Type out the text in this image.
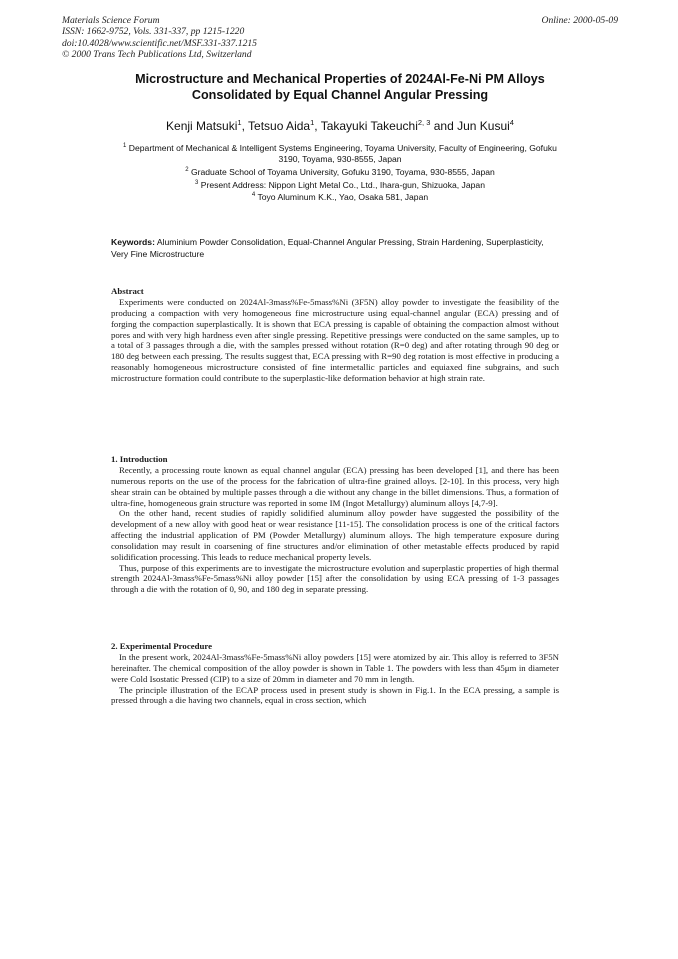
Materials Science Forum
ISSN: 1662-9752, Vols. 331-337, pp 1215-1220
doi:10.4028/www.scientific.net/MSF.331-337.1215
© 2000 Trans Tech Publications Ltd, Switzerland
Online: 2000-05-09
Microstructure and Mechanical Properties of 2024Al-Fe-Ni PM Alloys
Consolidated by Equal Channel Angular Pressing
Kenji Matsuki$^1$, Tetsuo Aida$^1$, Takayuki Takeuchi$^{2, 3}$ and Jun Kusui$^4$
$^1$ Department of Mechanical & Intelligent Systems Engineering, Toyama University, Faculty of Engineering, Gofuku 3190, Toyama, 930-8555, Japan
$^2$ Graduate School of Toyama University, Gofuku 3190, Toyama, 930-8555, Japan
$^3$ Present Address: Nippon Light Metal Co., Ltd., Ihara-gun, Shizuoka, Japan
$^4$ Toyo Aluminum K.K., Yao, Osaka 581, Japan
Keywords: Aluminium Powder Consolidation, Equal-Channel Angular Pressing, Strain Hardening, Superplasticity, Very Fine Microstructure
Abstract

Experiments were conducted on 2024Al-3mass%Fe-5mass%Ni (3F5N) alloy powder to investigate the feasibility of the producing a compaction with very homogeneous fine microstructure using equal-channel angular (ECA) pressing and of forging the compaction superplastically. It is shown that ECA pressing is capable of obtaining the compaction almost without pores and with very high hardness even after single pressing. Repetitive pressings were conducted on the same samples, up to a total of 3 passages through a die, with the samples pressed without rotation (R=0 deg) and after rotating through 90 deg or 180 deg between each pressing. The results suggest that, ECA pressing with R=90 deg rotation is most effective in producing a reasonably homogeneous microstructure consisted of fine intermetallic particles and equiaxed fine subgrains, and such microstructure formation could contribute to the superplastic-like deformation behavior at high strain rate.

1. Introduction

Recently, a processing route known as equal channel angular (ECA) pressing has been developed [1], and there has been numerous reports on the use of the process for the fabrication of ultra-fine grained alloys. [2-10]. In this process, very high shear strain can be obtained by multiple passes through a die without any change in the billet dimensions. Thus, a formation of ultra-fine, homogeneous grain structure was reported in some IM (Ingot Metallurgy) aluminum alloys [4,7-9].

On the other hand, recent studies of rapidly solidified aluminum alloy powder have suggested the possibility of the development of a new alloy with good heat or wear resistance [11-15]. The consolidation process is one of the critical factors affecting the industrial application of PM (Powder Metallurgy) aluminum alloys. The high temperature exposure during consolidation may result in coarsening of fine structures and/or elimination of other metastable effects produced by rapid solidification processing. This leads to reduce mechanical property levels.

Thus, purpose of this experiments are to investigate the microstructure evolution and superplastic properties of high thermal strength 2024Al-3mass%Fe-5mass%Ni alloy powder [15] after the consolidation by using ECA pressing of 1-3 passages through a die with the rotation of 0, 90, and 180 deg in separate pressing.

2. Experimental Procedure

In the present work, 2024Al-3mass%Fe-5mass%Ni alloy powders [15] were atomized by air. This alloy is referred to 3F5N hereinafter. The chemical composition of the alloy powder is shown in Table 1. The powders with less than 45μm in diameter were Cold Isostatic Pressed (CIP) to a size of 20mm in diameter and 70 mm in length.

The principle illustration of the ECAP process used in present study is shown in Fig.1. In the ECA pressing, a sample is pressed through a die having two channels, equal in cross section, which
